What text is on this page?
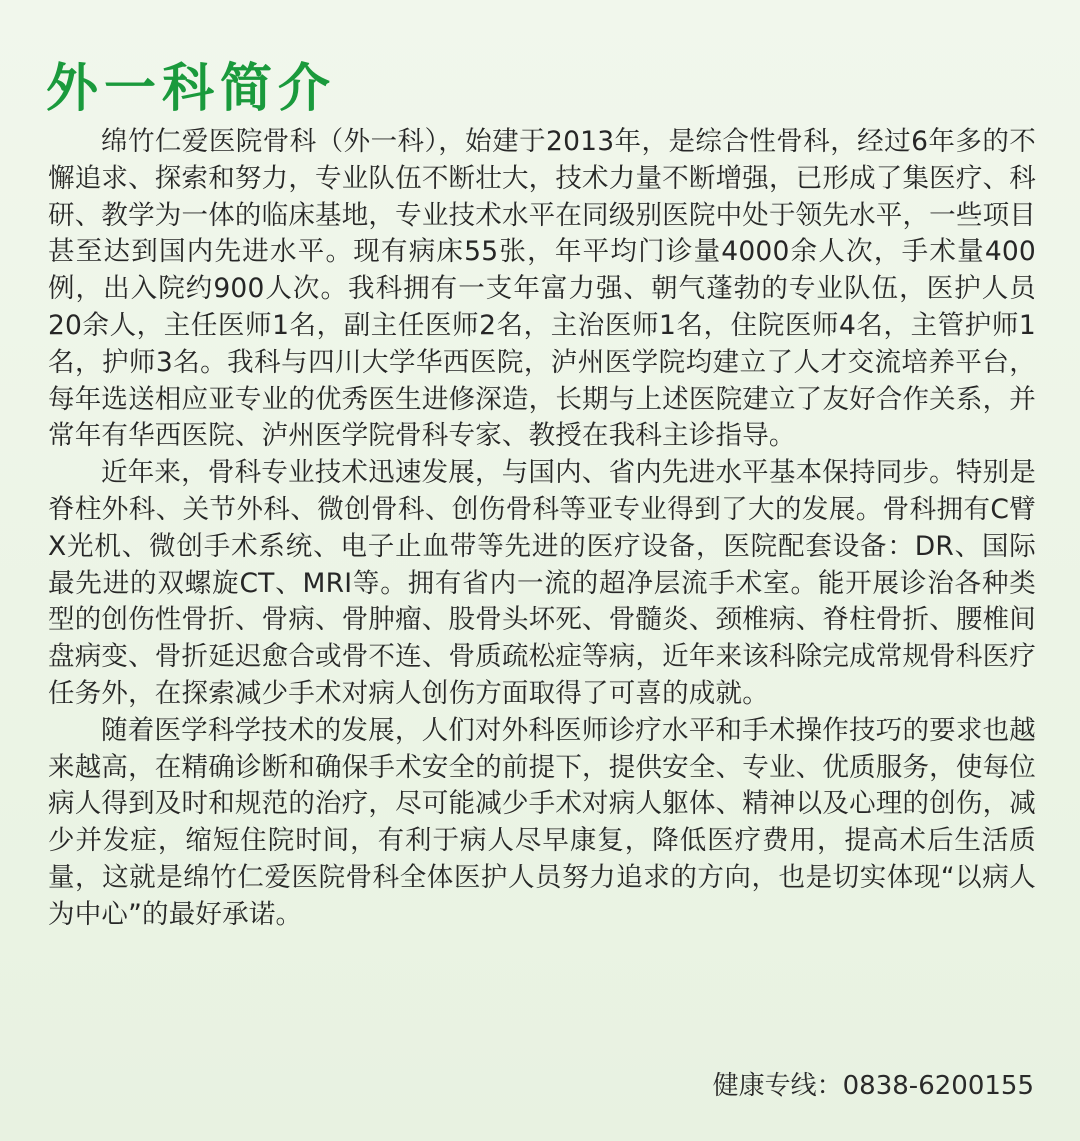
外一科简介

绵竹仁爱医院骨科（外一科），始建于2013年，是综合性骨科，经过6年多的不懈追求、探索和努力，专业队伍不断壮大，技术力量不断增强，已形成了集医疗、科研、教学为一体的临床基地，专业技术水平在同级别医院中处于领先水平，一些项目甚至达到国内先进水平。现有病床55张，年平均门诊量4000余人次，手术量400例，出入院约900人次。我科拥有一支年富力强、朝气蓬勃的专业队伍，医护人员20余人，主任医师1名，副主任医师2名，主治医师1名，住院医师4名，主管护师1名，护师3名。我科与四川大学华西医院，泸州医学院均建立了人才交流培养平台，每年选送相应亚专业的优秀医生进修深造，长期与上述医院建立了友好合作关系，并常年有华西医院、泸州医学院骨科专家、教授在我科主诊指导。

近年来，骨科专业技术迅速发展，与国内、省内先进水平基本保持同步。特别是脊柱外科、关节外科、微创骨科、创伤骨科等亚专业得到了大的发展。骨科拥有C臂X光机、微创手术系统、电子止血带等先进的医疗设备，医院配套设备：DR、国际最先进的双螺旋CT、MRI等。拥有省内一流的超净层流手术室。能开展诊治各种类型的创伤性骨折、骨病、骨肿瘤、股骨头坏死、骨髓炎、颈椎病、脊柱骨折、腰椎间盘病变、骨折延迟愈合或骨不连、骨质疏松症等病，近年来该科除完成常规骨科医疗任务外，在探索减少手术对病人创伤方面取得了可喜的成就。

随着医学科学技术的发展，人们对外科医师诊疗水平和手术操作技巧的要求也越来越高，在精确诊断和确保手术安全的前提下，提供安全、专业、优质服务，使每位病人得到及时和规范的治疗，尽可能减少手术对病人躯体、精神以及心理的创伤，减少并发症，缩短住院时间，有利于病人尽早康复，降低医疗费用，提高术后生活质量，这就是绵竹仁爱医院骨科全体医护人员努力追求的方向，也是切实体现“以病人为中心”的最好承诺。

健康专线：0838-6200155
